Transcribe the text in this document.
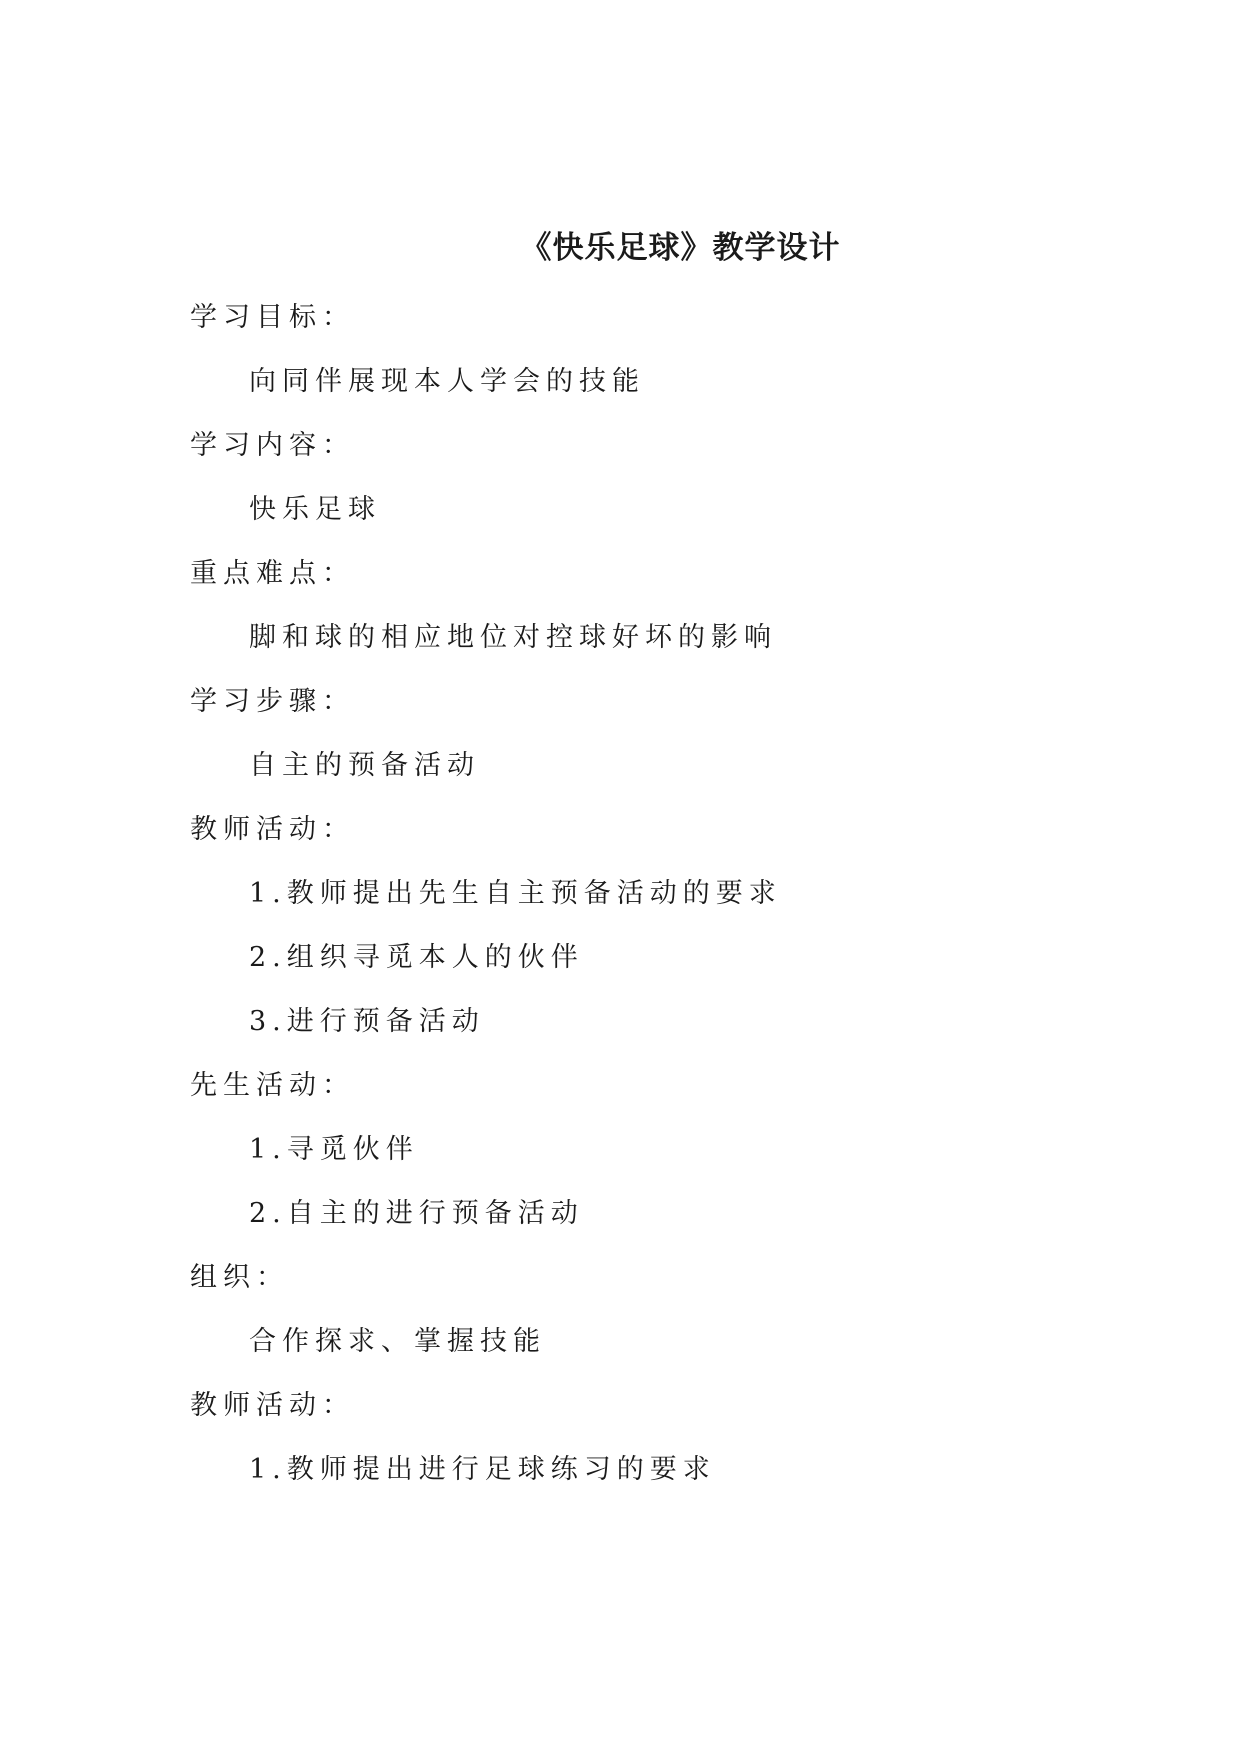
《快乐足球》教学设计

学习目标：

向同伴展现本人学会的技能

学习内容：

快乐足球

重点难点：

脚和球的相应地位对控球好坏的影响

学习步骤：

自主的预备活动

教师活动：

1.教师提出先生自主预备活动的要求

2.组织寻觅本人的伙伴

3.进行预备活动

先生活动：

1.寻觅伙伴

2.自主的进行预备活动

组织：

合作探求、掌握技能

教师活动：

1.教师提出进行足球练习的要求
